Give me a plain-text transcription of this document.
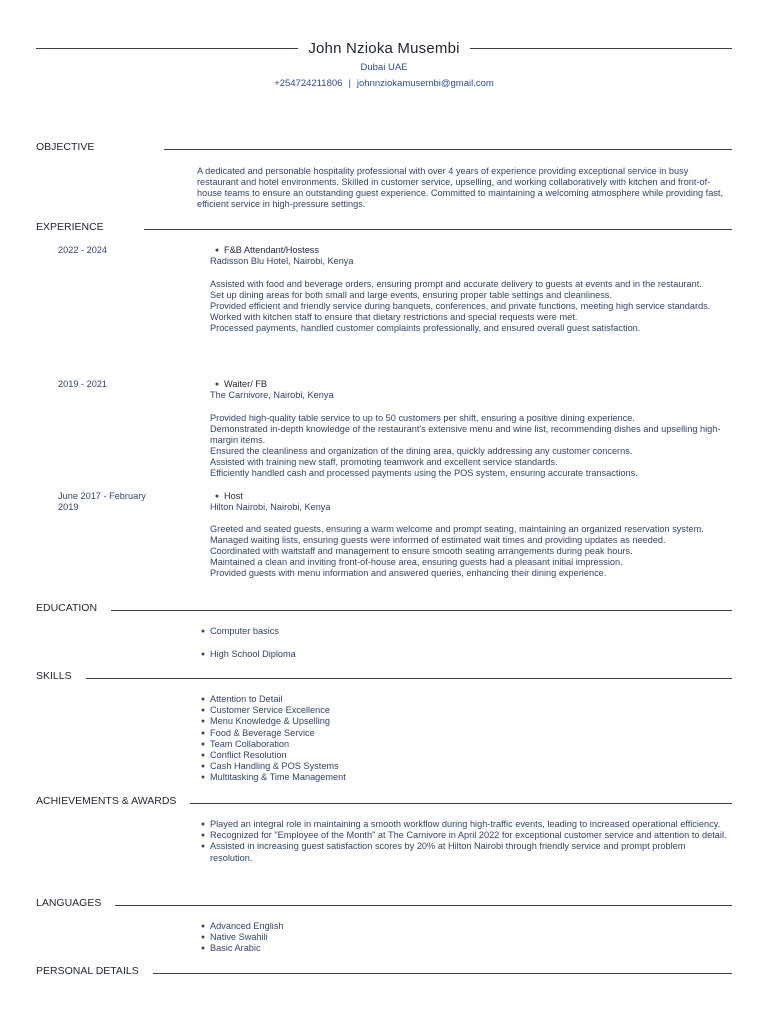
John Nzioka Musembi
Dubai UAE
+254724211806 | johnnziokamusembi@gmail.com
OBJECTIVE
A dedicated and personable hospitality professional with over 4 years of experience providing exceptional service in busy restaurant and hotel environments. Skilled in customer service, upselling, and working collaboratively with kitchen and front-of-house teams to ensure an outstanding guest experience. Committed to maintaining a welcoming atmosphere while providing fast, efficient service in high-pressure settings.
EXPERIENCE
2022 - 2024	● F&B Attendant/Hostess
Radisson Blu Hotel, Nairobi, Kenya
Assisted with food and beverage orders, ensuring prompt and accurate delivery to guests at events and in the restaurant.
Set up dining areas for both small and large events, ensuring proper table settings and cleanliness.
Provided efficient and friendly service during banquets, conferences, and private functions, meeting high service standards.
Worked with kitchen staff to ensure that dietary restrictions and special requests were met.
Processed payments, handled customer complaints professionally, and ensured overall guest satisfaction.
2019 - 2021	● Waiter/ FB
The Carnivore, Nairobi, Kenya
Provided high-quality table service to up to 50 customers per shift, ensuring a positive dining experience.
Demonstrated in-depth knowledge of the restaurant's extensive menu and wine list, recommending dishes and upselling high-margin items.
Ensured the cleanliness and organization of the dining area, quickly addressing any customer concerns.
Assisted with training new staff, promoting teamwork and excellent service standards.
Efficiently handled cash and processed payments using the POS system, ensuring accurate transactions.
June 2017 - February 2019
● Host
Hilton Nairobi, Nairobi, Kenya
Greeted and seated guests, ensuring a warm welcome and prompt seating, maintaining an organized reservation system.
Managed waiting lists, ensuring guests were informed of estimated wait times and providing updates as needed.
Coordinated with waitstaff and management to ensure smooth seating arrangements during peak hours.
Maintained a clean and inviting front-of-house area, ensuring guests had a pleasant initial impression.
Provided guests with menu information and answered queries, enhancing their dining experience.
EDUCATION
● Computer basics
● High School Diploma
SKILLS
● Attention to Detail
● Customer Service Excellence
● Menu Knowledge & Upselling
● Food & Beverage Service
● Team Collaboration
● Conflict Resolution
● Cash Handling & POS Systems
● Multitasking & Time Management
ACHIEVEMENTS & AWARDS
● Played an integral role in maintaining a smooth workflow during high-traffic events, leading to increased operational efficiency.
● Recognized for "Employee of the Month" at The Carnivore in April 2022 for exceptional customer service and attention to detail.
● Assisted in increasing guest satisfaction scores by 20% at Hilton Nairobi through friendly service and prompt problem resolution.
LANGUAGES
● Advanced English
● Native Swahili
● Basic Arabic
PERSONAL DETAILS
